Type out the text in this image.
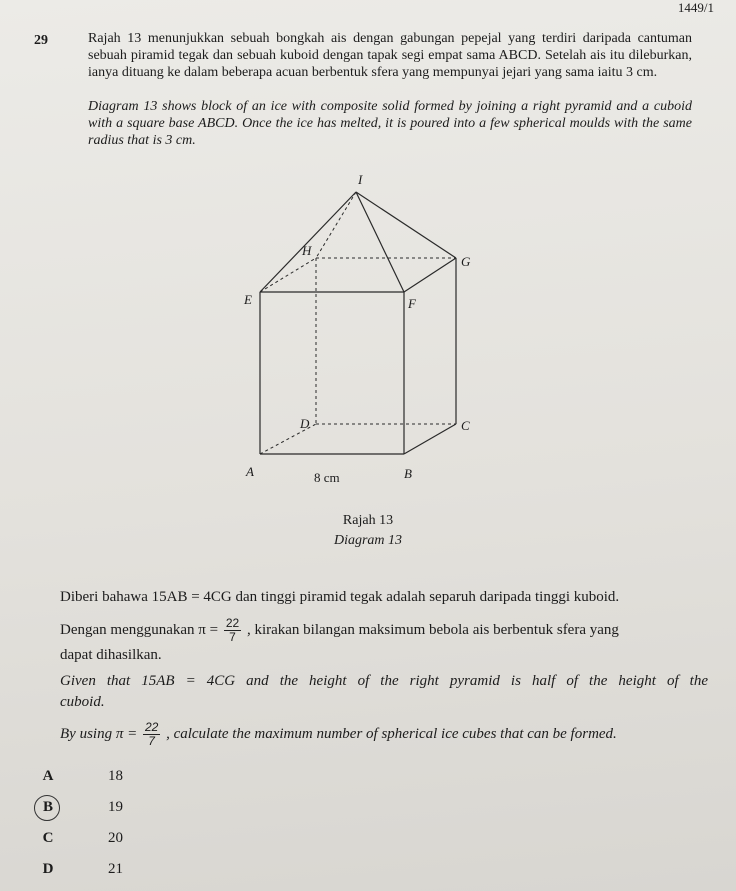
1449/1
29	Rajah 13 menunjukkan sebuah bongkah ais dengan gabungan pepejal yang terdiri daripada cantuman sebuah piramid tegak dan sebuah kuboid dengan tapak segi empat sama ABCD. Setelah ais itu dileburkan, ianya dituang ke dalam beberapa acuan berbentuk sfera yang mempunyai jejari yang sama iaitu 3 cm.

Diagram 13 shows block of an ice with composite solid formed by joining a right pyramid and a cuboid with a square base ABCD. Once the ice has melted, it is poured into a few spherical moulds with the same radius that is 3 cm.

I
H
G
E	F
D	C
A	B
8 cm
Rajah 13
Diagram 13

Diberi bahawa 15AB = 4CG dan tinggi piramid tegak adalah separuh daripada tinggi kuboid.

Dengan menggunakan $\pi = \frac{22}{7}$ , kirakan bilangan maksimum bebola ais berbentuk sfera yang

dapat dihasilkan.

Given that 15AB = 4CG and the height of the right pyramid is half of the height of the

cuboid.

By using $\pi = \frac{22}{7}$ , calculate the maximum number of spherical ice cubes that can be formed.

A	18
B	19
C	20
D	21
